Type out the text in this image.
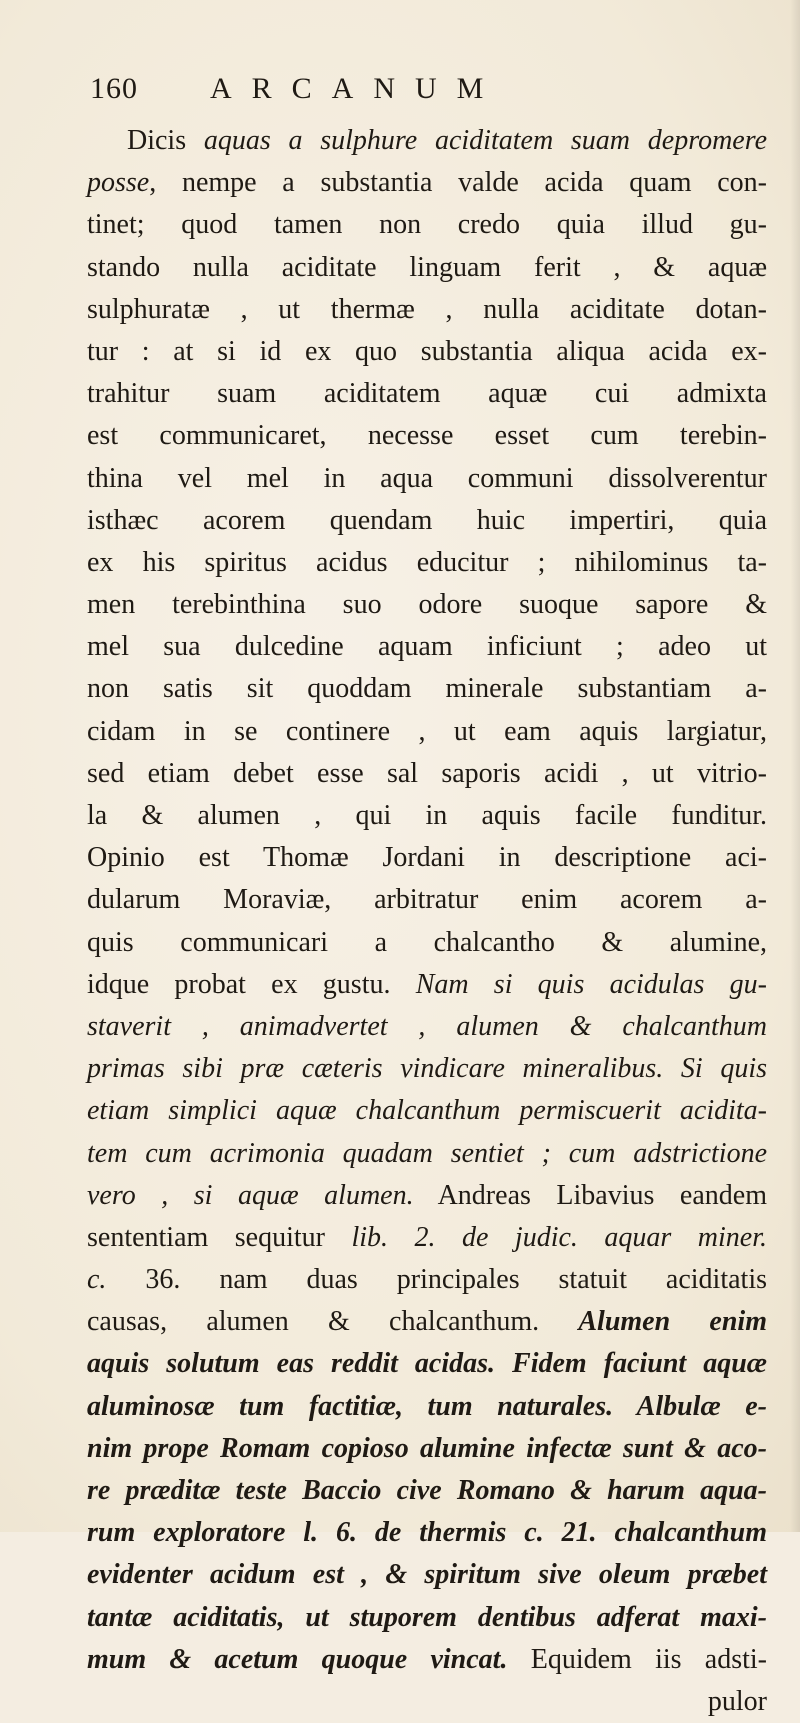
160 ARCANUM
Dicis aquas a sulphure aciditatem suam depromere
posse, nempe a substantia valde acida quam con-
tinet; quod tamen non credo quia illud gu-
stando nulla aciditate linguam ferit , & aquæ
sulphuratæ , ut thermæ , nulla aciditate dotan-
tur : at si id ex quo substantia aliqua acida ex-
trahitur suam aciditatem aquæ cui admixta
est communicaret, necesse esset cum terebin-
thina vel mel in aqua communi dissolverentur
isthæc acorem quendam huic impertiri, quia
ex his spiritus acidus educitur ; nihilominus ta-
men terebinthina suo odore suoque sapore &
mel sua dulcedine aquam inficiunt ; adeo ut
non satis sit quoddam minerale substantiam a-
cidam in se continere , ut eam aquis largiatur,
sed etiam debet esse sal saporis acidi , ut vitrio-
la & alumen , qui in aquis facile funditur.
Opinio est Thomæ Jordani in descriptione aci-
dularum Moraviæ, arbitratur enim acorem a-
quis communicari a chalcantho & alumine,
idque probat ex gustu. Nam si quis acidulas gu-
staverit , animadvertet , alumen & chalcanthum
primas sibi præ cæteris vindicare mineralibus. Si quis
etiam simplici aquæ chalcanthum permiscuerit acidita-
tem cum acrimonia quadam sentiet ; cum adstrictione
vero , si aquæ alumen. Andreas Libavius eandem
sententiam sequitur lib. 2. de judic. aquar miner.
c. 36. nam duas principales statuit aciditatis
causas, alumen & chalcanthum. Alumen enim
aquis solutum eas reddit acidas. Fidem faciunt aquæ
aluminosæ tum factitiæ, tum naturales. Albulæ e-
nim prope Romam copioso alumine infectæ sunt & aco-
re præditæ teste Baccio cive Romano & harum aqua-
rum exploratore l. 6. de thermis c. 21. chalcanthum
evidenter acidum est , & spiritum sive oleum præbet
tantæ aciditatis, ut stuporem dentibus adferat maxi-
mum & acetum quoque vincat. Equidem iis adsti-
pulor
